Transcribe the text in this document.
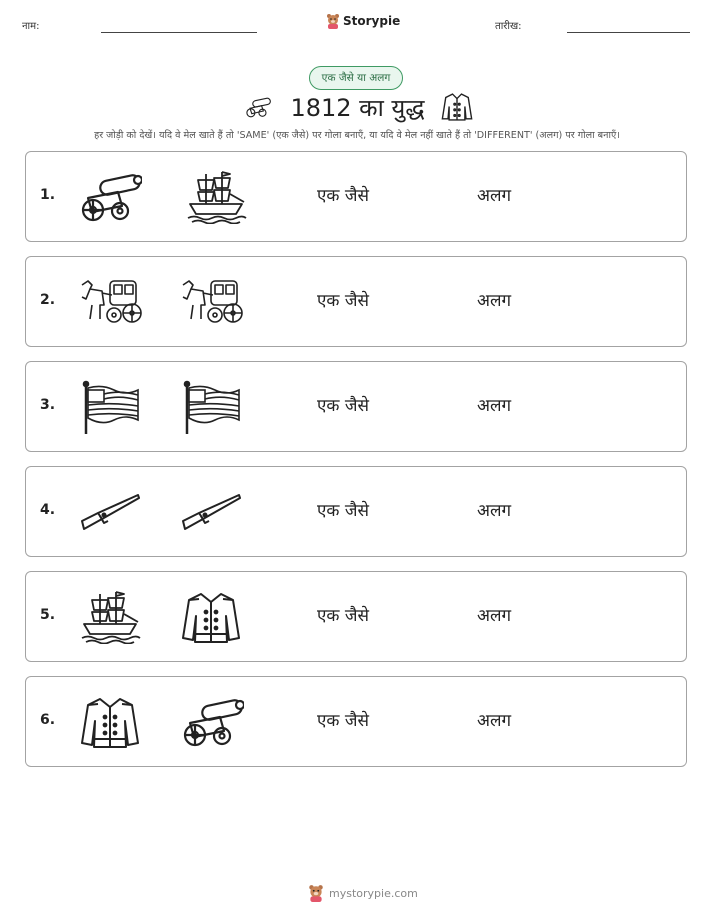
नाम:	Storypie	तारीख:
एक जैसे या अलग
1812 का युद्ध
हर जोड़ी को देखें। यदि वे मेल खाते हैं तो 'SAME' (एक जैसे) पर गोला बनाएँ, या यदि वे मेल नहीं खाते हैं तो 'DIFFERENT' (अलग) पर गोला बनाएँ।
1.	एक जैसे	अलग
2.	एक जैसे	अलग
3.	एक जैसे	अलग
4.	एक जैसे	अलग
5.	एक जैसे	अलग
6.	एक जैसे	अलग
mystorypie.com
